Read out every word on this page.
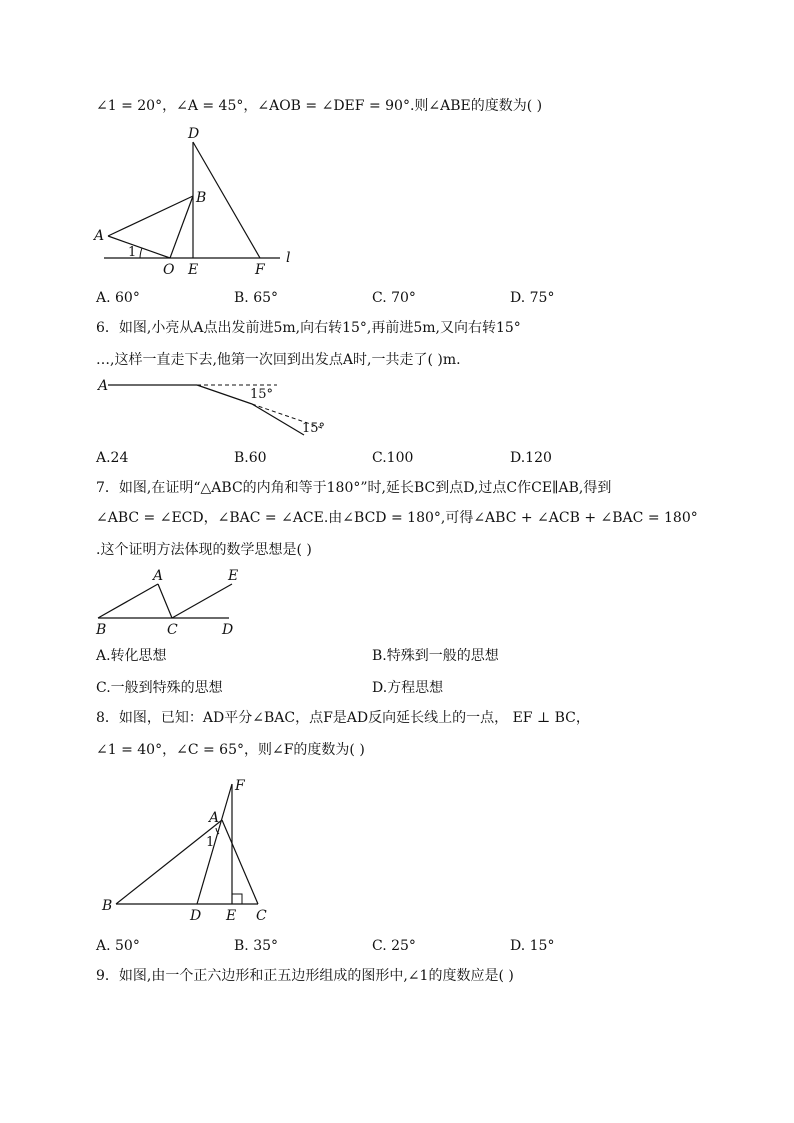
∠1 = 20°，∠A = 45°，∠AOB = ∠DEF = 90°.则∠ABE的度数为( )
D
B
A
1
O E	F
l
A. 60°	B. 65°	C. 70°	D. 75°
6．如图,小亮从A点出发前进5m,向右转15°,再前进5m,又向右转15°
…,这样一直走下去,他第一次回到出发点A时,一共走了( )m.
A
15°
15°
A.24	B.60	C.100	D.120
7．如图,在证明“△ABC的内角和等于180°”时,延长BC到点D,过点C作CE∥AB,得到
∠ABC = ∠ECD，∠BAC = ∠ACE.由∠BCD = 180°,可得∠ABC + ∠ACB + ∠BAC = 180°
.这个证明方法体现的数学思想是( )
A	E
B	C	D
A.转化思想	B.特殊到一般的思想
C.一般到特殊的思想	D.方程思想
8．如图，已知：AD平分∠BAC，点F是AD反向延长线上的一点， EF ⊥ BC，
∠1 = 40°，∠C = 65°，则∠F的度数为( )
F
A
1
B
D E C
A. 50°	B. 35°	C. 25°	D. 15°
9．如图,由一个正六边形和正五边形组成的图形中,∠1的度数应是( )
